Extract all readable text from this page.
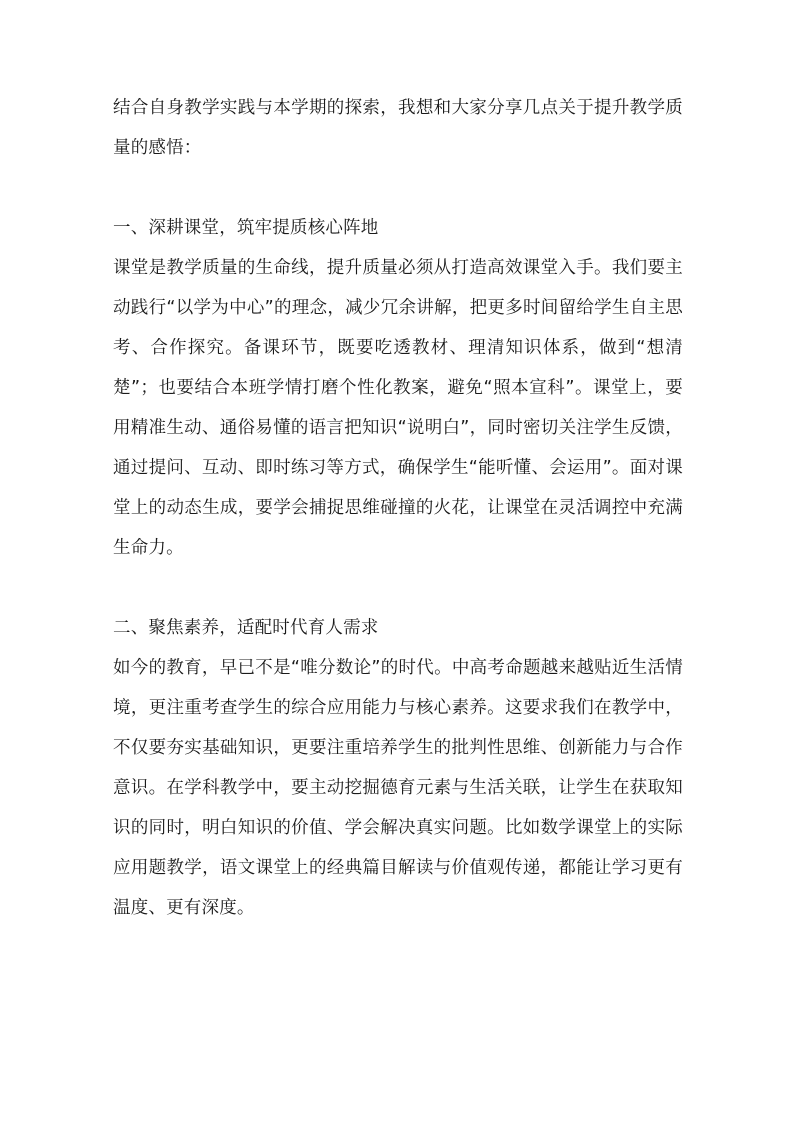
结合自身教学实践与本学期的探索，我想和大家分享几点关于提升教学质量的感悟：

一、深耕课堂，筑牢提质核心阵地

课堂是教学质量的生命线，提升质量必须从打造高效课堂入手。我们要主动践行“以学为中心”的理念，减少冗余讲解，把更多时间留给学生自主思考、合作探究。备课环节，既要吃透教材、理清知识体系，做到“想清楚”；也要结合本班学情打磨个性化教案，避免“照本宣科”。课堂上，要用精准生动、通俗易懂的语言把知识“说明白”，同时密切关注学生反馈，通过提问、互动、即时练习等方式，确保学生“能听懂、会运用”。面对课堂上的动态生成，要学会捕捉思维碰撞的火花，让课堂在灵活调控中充满生命力。

二、聚焦素养，适配时代育人需求

如今的教育，早已不是“唯分数论”的时代。中高考命题越来越贴近生活情境，更注重考查学生的综合应用能力与核心素养。这要求我们在教学中，不仅要夯实基础知识，更要注重培养学生的批判性思维、创新能力与合作意识。在学科教学中，要主动挖掘德育元素与生活关联，让学生在获取知识的同时，明白知识的价值、学会解决真实问题。比如数学课堂上的实际应用题教学，语文课堂上的经典篇目解读与价值观传递，都能让学习更有温度、更有深度。
